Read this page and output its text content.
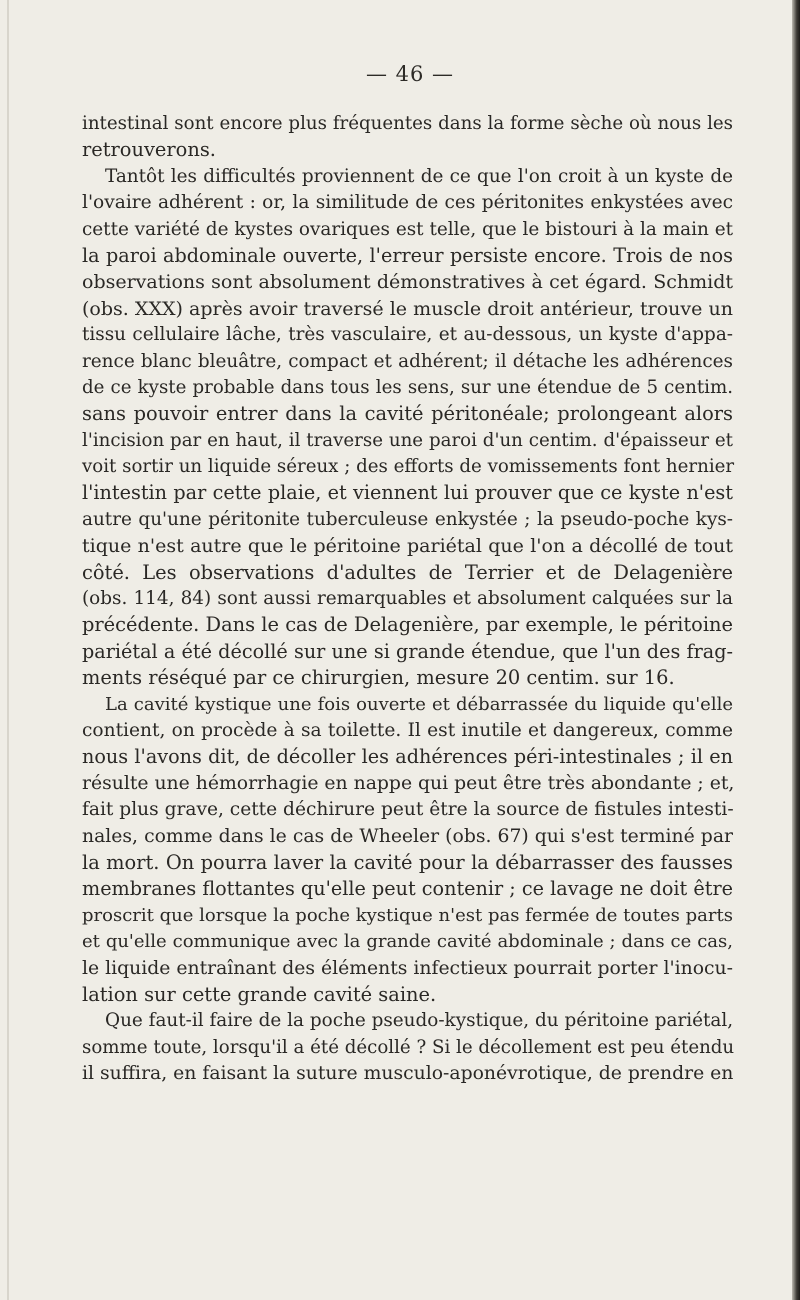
— 46 —
intestinal sont encore plus fréquentes dans la forme sèche où nous les
retrouverons.
Tantôt les difficultés proviennent de ce que l'on croit à un kyste de
l'ovaire adhérent : or, la similitude de ces péritonites enkystées avec
cette variété de kystes ovariques est telle, que le bistouri à la main et
la paroi abdominale ouverte, l'erreur persiste encore. Trois de nos
observations sont absolument démonstratives à cet égard. Schmidt
(obs. XXX) après avoir traversé le muscle droit antérieur, trouve un
tissu cellulaire lâche, très vasculaire, et au-dessous, un kyste d'appa-
rence blanc bleuâtre, compact et adhérent; il détache les adhérences
de ce kyste probable dans tous les sens, sur une étendue de 5 centim.
sans pouvoir entrer dans la cavité péritonéale; prolongeant alors
l'incision par en haut, il traverse une paroi d'un centim. d'épaisseur et
voit sortir un liquide séreux ; des efforts de vomissements font hernier
l'intestin par cette plaie, et viennent lui prouver que ce kyste n'est
autre qu'une péritonite tuberculeuse enkystée ; la pseudo-poche kys-
tique n'est autre que le péritoine pariétal que l'on a décollé de tout
côté. Les observations d'adultes de Terrier et de Delagenière
(obs. 114, 84) sont aussi remarquables et absolument calquées sur la
précédente. Dans le cas de Delagenière, par exemple, le péritoine
pariétal a été décollé sur une si grande étendue, que l'un des frag-
ments réséqué par ce chirurgien, mesure 20 centim. sur 16.
La cavité kystique une fois ouverte et débarrassée du liquide qu'elle
contient, on procède à sa toilette. Il est inutile et dangereux, comme
nous l'avons dit, de décoller les adhérences péri-intestinales ; il en
résulte une hémorrhagie en nappe qui peut être très abondante ; et,
fait plus grave, cette déchirure peut être la source de fistules intesti-
nales, comme dans le cas de Wheeler (obs. 67) qui s'est terminé par
la mort. On pourra laver la cavité pour la débarrasser des fausses
membranes flottantes qu'elle peut contenir ; ce lavage ne doit être
proscrit que lorsque la poche kystique n'est pas fermée de toutes parts
et qu'elle communique avec la grande cavité abdominale ; dans ce cas,
le liquide entraînant des éléments infectieux pourrait porter l'inocu-
lation sur cette grande cavité saine.
Que faut-il faire de la poche pseudo-kystique, du péritoine pariétal,
somme toute, lorsqu'il a été décollé ? Si le décollement est peu étendu
il suffira, en faisant la suture musculo-aponévrotique, de prendre en
